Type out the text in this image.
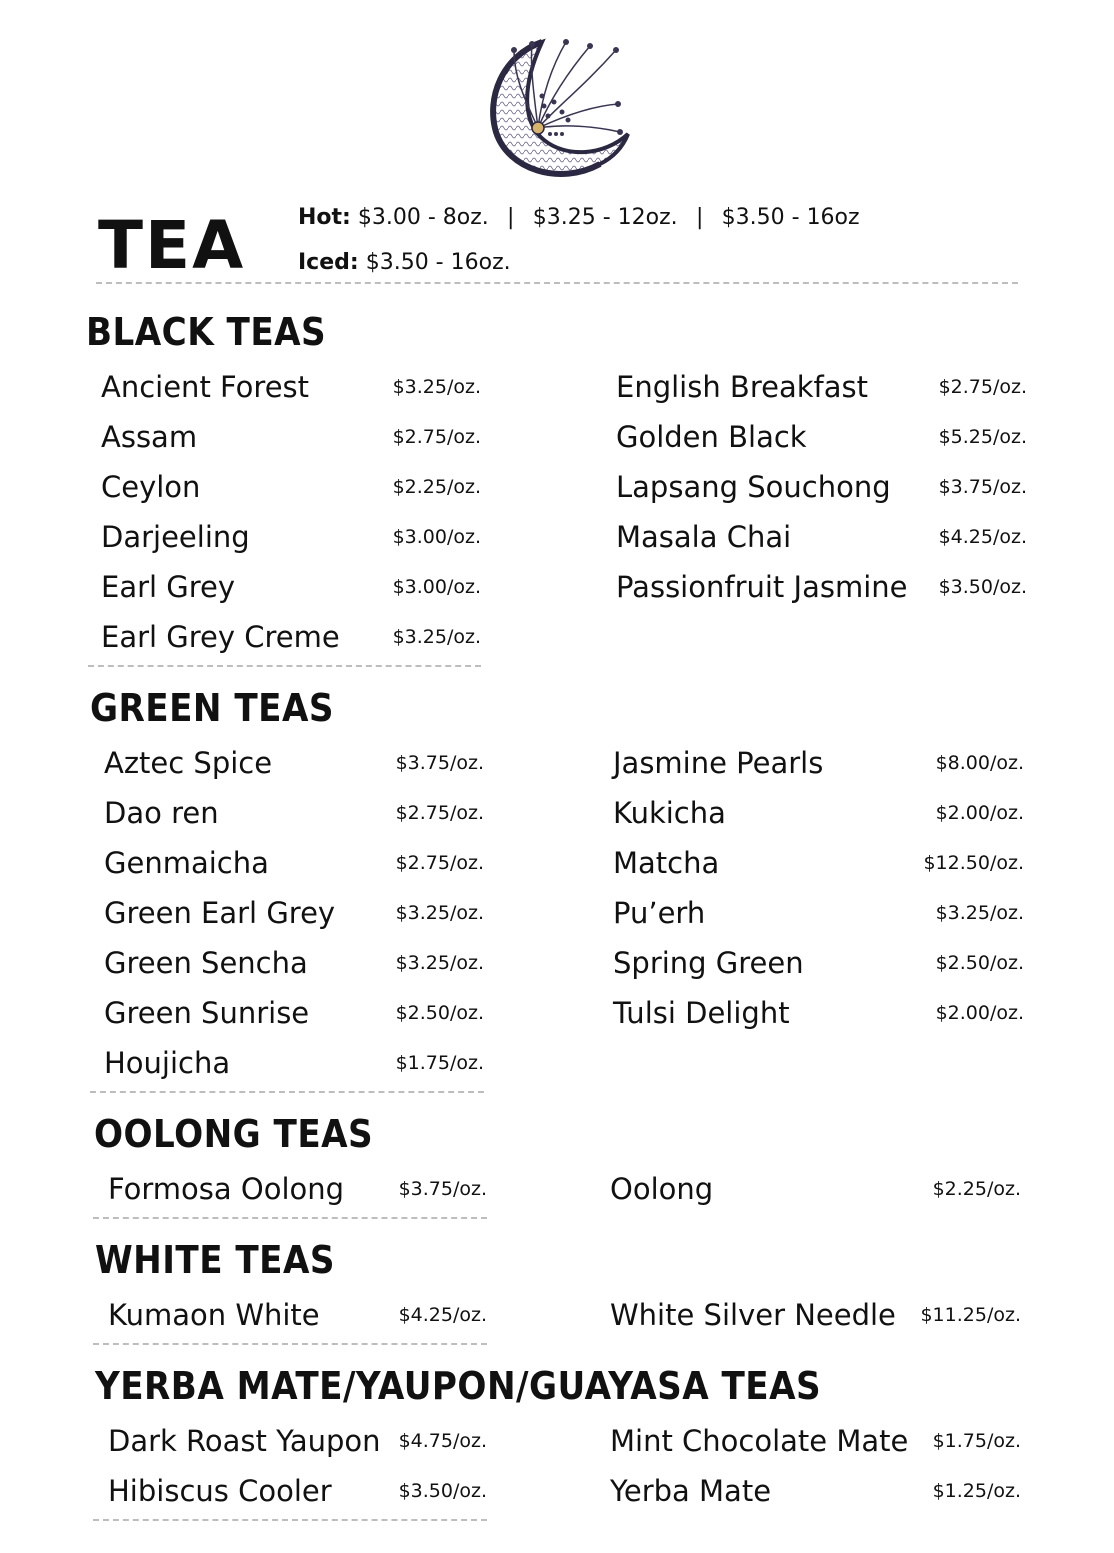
TEA Hot: $3.00 - 8oz. | $3.25 - 12oz. | $3.50 - 16oz
Iced: $3.50 - 16oz.
BLACK TEAS
Ancient Forest	$3.25/oz.
Assam	$2.75/oz.
Ceylon	$2.25/oz.
Darjeeling	$3.00/oz.
Earl Grey	$3.00/oz.
Earl Grey Creme	$3.25/oz.
English Breakfast	$2.75/oz.
Golden Black	$5.25/oz.
Lapsang Souchong	$3.75/oz.
Masala Chai	$4.25/oz.
Passionfruit Jasmine $3.50/oz.
GREEN TEAS
Aztec Spice	$3.75/oz.
Dao ren	$2.75/oz.
Genmaicha	$2.75/oz.
Green Earl Grey	$3.25/oz.
Green Sencha	$3.25/oz.
Green Sunrise	$2.50/oz.
Houjicha	$1.75/oz.
Jasmine Pearls	$8.00/oz.
Kukicha	$2.00/oz.
Matcha	$12.50/oz.
Pu’erh	$3.25/oz.
Spring Green	$2.50/oz.
Tulsi Delight	$2.00/oz.
OOLONG TEAS
Formosa Oolong	$3.75/oz.	Oolong	$2.25/oz.
WHITE TEAS
Kumaon White	$4.25/oz.	White Silver Needle $11.25/oz.
YERBA MATE/YAUPON/GUAYASA TEAS
Dark Roast Yaupon $4.75/oz.
Hibiscus Cooler	$3.50/oz.
Mint Chocolate Mate $1.75/oz.
Yerba Mate	$1.25/oz.
